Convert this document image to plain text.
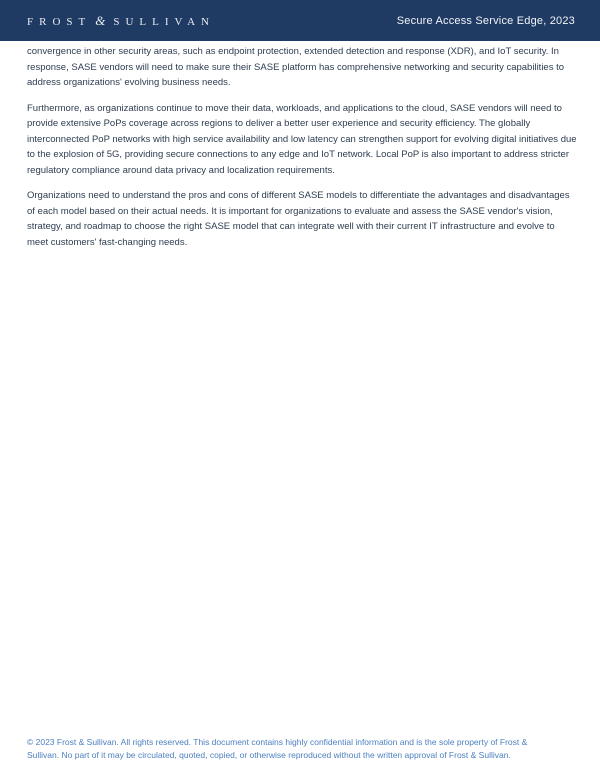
FROST & SULLIVAN	Secure Access Service Edge, 2023

convergence in other security areas, such as endpoint protection, extended detection and response (XDR), and IoT security. In response, SASE vendors will need to make sure their SASE platform has comprehensive networking and security capabilities to address organizations' evolving business needs.

Furthermore, as organizations continue to move their data, workloads, and applications to the cloud, SASE vendors will need to provide extensive PoPs coverage across regions to deliver a better user experience and security efficiency. The globally interconnected PoP networks with high service availability and low latency can strengthen support for evolving digital initiatives due to the explosion of 5G, providing secure connections to any edge and IoT network. Local PoP is also important to address stricter regulatory compliance around data privacy and localization requirements.

Organizations need to understand the pros and cons of different SASE models to differentiate the advantages and disadvantages of each model based on their actual needs. It is important for organizations to evaluate and assess the SASE vendor's vision, strategy, and roadmap to choose the right SASE model that can integrate well with their current IT infrastructure and evolve to meet customers' fast-changing needs.

© 2023 Frost & Sullivan. All rights reserved. This document contains highly confidential information and is the sole property of Frost & Sullivan. No part of it may be circulated, quoted, copied, or otherwise reproduced without the written approval of Frost & Sullivan.
